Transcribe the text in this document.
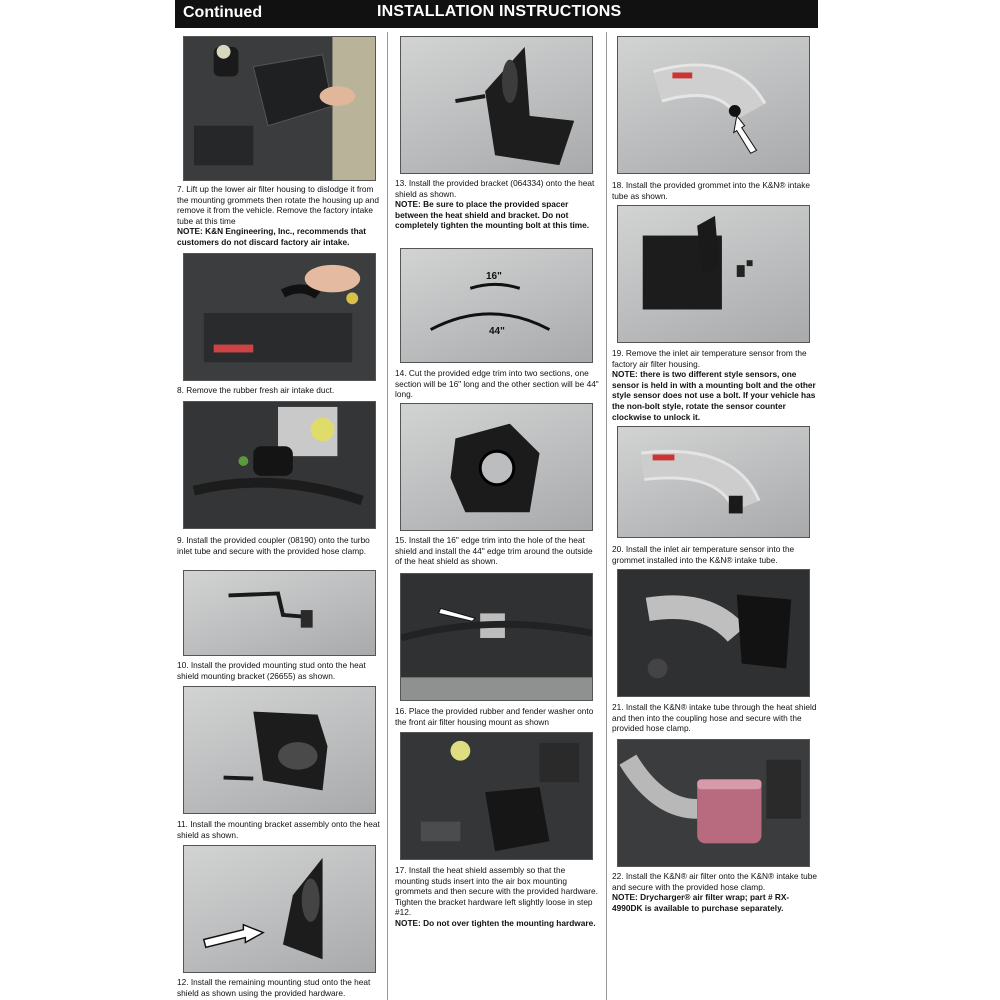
Continued	INSTALLATION INSTRUCTIONS
7. Lift up the lower air filter housing to dislodge it from the mounting grommets then rotate the housing up and remove it from the vehicle. Remove the factory intake tube at this time
NOTE: K&N Engineering, Inc., recommends that customers do not discard factory air intake.
8. Remove the rubber fresh air intake duct.
9. Install the provided coupler (08190) onto the turbo inlet tube and secure with the provided hose clamp.
10. Install the provided mounting stud onto the heat shield mounting bracket (26655) as shown.
11. Install the mounting bracket assembly onto the heat shield as shown.
12. Install the remaining mounting stud onto the heat shield as shown using the provided hardware.
13. Install the provided bracket (064334) onto the heat shield as shown.
NOTE: Be sure to place the provided spacer between the heat shield and bracket. Do not completely tighten the mounting bolt at this time.
16"
44"
14. Cut the provided edge trim into two sections, one section will be 16" long and the other section will be 44" long.
15. Install the 16" edge trim into the hole of the heat shield and install the 44" edge trim around the outside of the heat shield as shown.
16. Place the provided rubber and fender washer onto the front air filter housing mount as shown
17. Install the heat shield assembly so that the mounting studs insert into the air box mounting grommets and then secure with the provided hardware. Tighten the bracket hardware left slightly loose in step #12.
NOTE: Do not over tighten the mounting hardware.
18. Install the provided grommet into the K&N® intake tube as shown.
19. Remove the inlet air temperature sensor from the factory air filter housing.
NOTE: there is two different style sensors, one sensor is held in with a mounting bolt and the other style sensor does not use a bolt. If your vehicle has the non-bolt style, rotate the sensor counter clockwise to unlock it.
20. Install the inlet air temperature sensor into the grommet installed into the K&N® intake tube.
21. Install the K&N® intake tube through the heat shield and then into the coupling hose and secure with the provided hose clamp.
22. Install the K&N® air filter onto the K&N® intake tube and secure with the provided hose clamp.
NOTE: Drycharger® air filter wrap; part # RX-4990DK is available to purchase separately.
